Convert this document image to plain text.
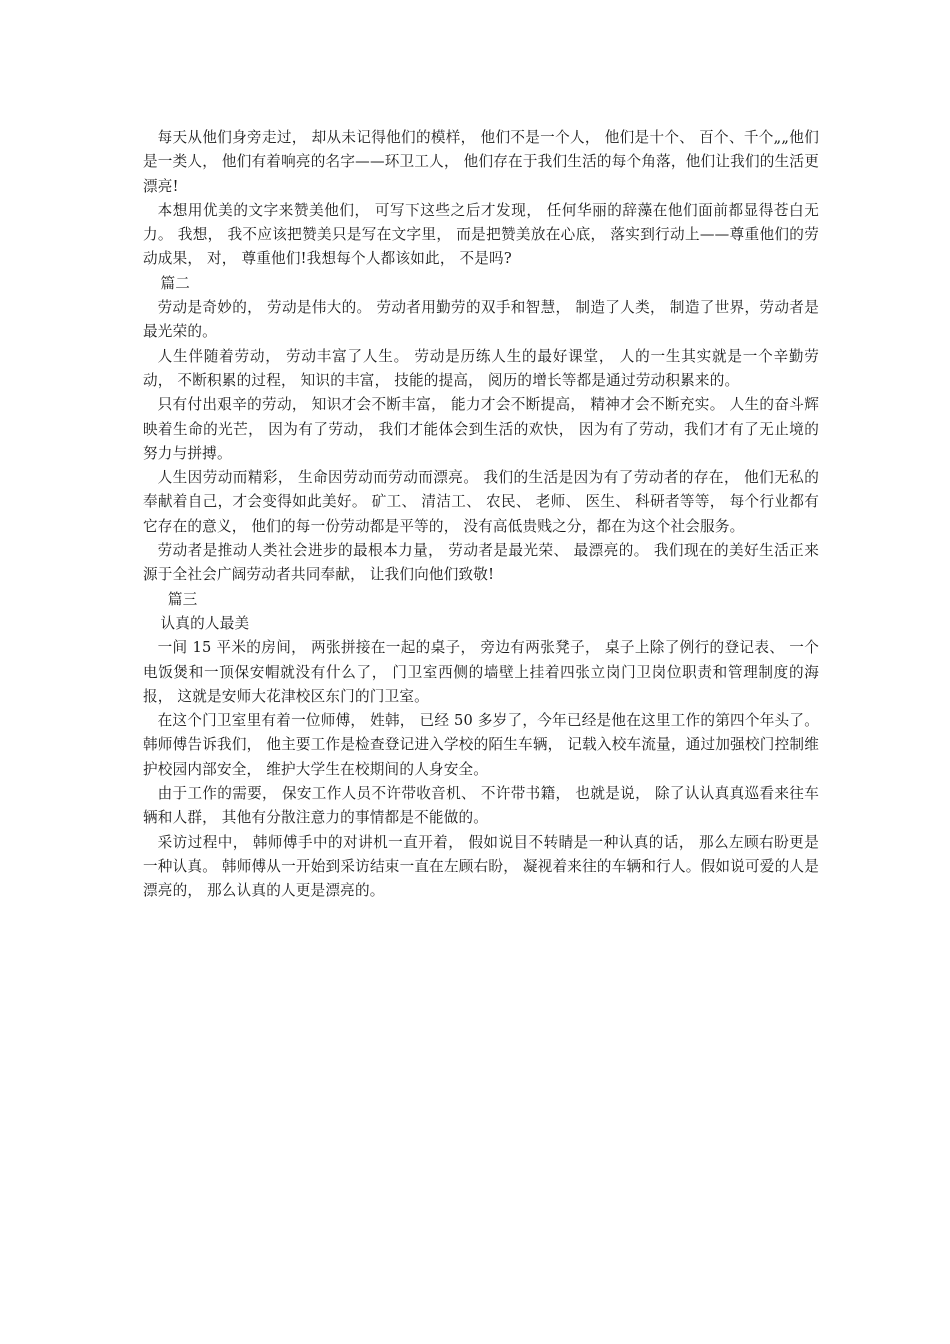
每天从他们身旁走过， 却从未记得他们的模样， 他们不是一个人， 他们是十个、 百个、千个„„他们是一类人， 他们有着响亮的名字——环卫工人， 他们存在于我们生活的每个角落，他们让我们的生活更漂亮!

本想用优美的文字来赞美他们， 可写下这些之后才发现， 任何华丽的辞藻在他们面前都显得苍白无力。 我想， 我不应该把赞美只是写在文字里， 而是把赞美放在心底， 落实到行动上——尊重他们的劳动成果， 对， 尊重他们!我想每个人都该如此， 不是吗?

篇二

劳动是奇妙的， 劳动是伟大的。 劳动者用勤劳的双手和智慧， 制造了人类， 制造了世界，劳动者是最光荣的。

人生伴随着劳动， 劳动丰富了人生。 劳动是历练人生的最好课堂， 人的一生其实就是一个辛勤劳动， 不断积累的过程， 知识的丰富， 技能的提高， 阅历的增长等都是通过劳动积累来的。

只有付出艰辛的劳动， 知识才会不断丰富， 能力才会不断提高， 精神才会不断充实。 人生的奋斗辉映着生命的光芒， 因为有了劳动， 我们才能体会到生活的欢快， 因为有了劳动，我们才有了无止境的努力与拼搏。

人生因劳动而精彩， 生命因劳动而劳动而漂亮。 我们的生活是因为有了劳动者的存在， 他们无私的奉献着自己，才会变得如此美好。 矿工、 清洁工、 农民、 老师、 医生、 科研者等等， 每个行业都有它存在的意义， 他们的每一份劳动都是平等的， 没有高低贵贱之分，都在为这个社会服务。

劳动者是推动人类社会进步的最根本力量， 劳动者是最光荣、 最漂亮的。 我们现在的美好生活正来源于全社会广阔劳动者共同奉献， 让我们向他们致敬!

篇三

认真的人最美

一间 15 平米的房间， 两张拼接在一起的桌子， 旁边有两张凳子， 桌子上除了例行的登记表、 一个电饭煲和一顶保安帽就没有什么了， 门卫室西侧的墙壁上挂着四张立岗门卫岗位职责和管理制度的海报， 这就是安师大花津校区东门的门卫室。

在这个门卫室里有着一位师傅， 姓韩， 已经 50 多岁了，今年已经是他在这里工作的第四个年头了。 韩师傅告诉我们， 他主要工作是检查登记进入学校的陌生车辆， 记载入校车流量，通过加强校门控制维护校园内部安全， 维护大学生在校期间的人身安全。

由于工作的需要， 保安工作人员不许带收音机、 不许带书籍， 也就是说， 除了认认真真巡看来往车辆和人群， 其他有分散注意力的事情都是不能做的。

采访过程中， 韩师傅手中的对讲机一直开着， 假如说目不转睛是一种认真的话， 那么左顾右盼更是一种认真。 韩师傅从一开始到采访结束一直在左顾右盼， 凝视着来往的车辆和行人。假如说可爱的人是漂亮的， 那么认真的人更是漂亮的。
